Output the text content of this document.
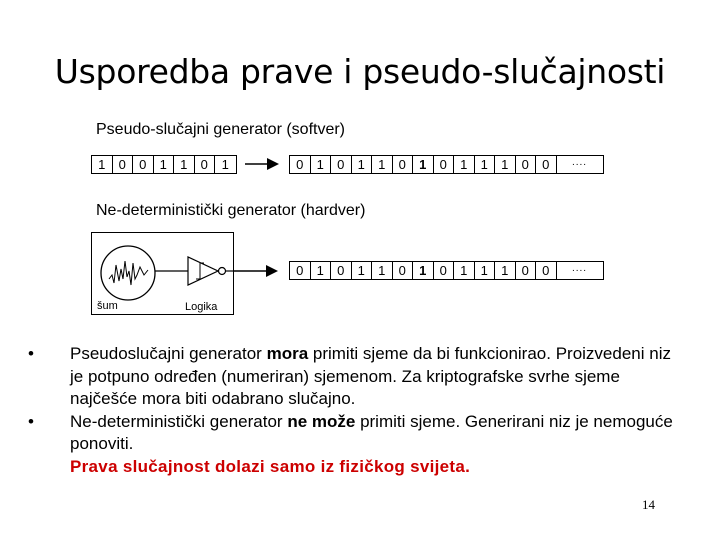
Usporedba prave i pseudo-slučajnosti
Pseudo-slučajni generator (softver)
1	0	0	1	1	0	1	0	1	0	1	1	0	1	0	1	1	1	0	0	....
Ne-deterministički generator (hardver)
šum	Logika
0	1	0	1	1	0	1	0	1	1	1	0	0	....
• Pseudoslučajni generator mora primiti sjeme da bi funkcionirao. Proizvedeni niz je potpuno određen (numeriran) sjemenom. Za kriptografske svrhe sjeme najčešće mora biti odabrano slučajno.
• Ne-deterministički generator ne može primiti sjeme. Generirani niz je nemoguće ponoviti.
Prava slučajnost dolazi samo iz fizičkog svijeta.
14
